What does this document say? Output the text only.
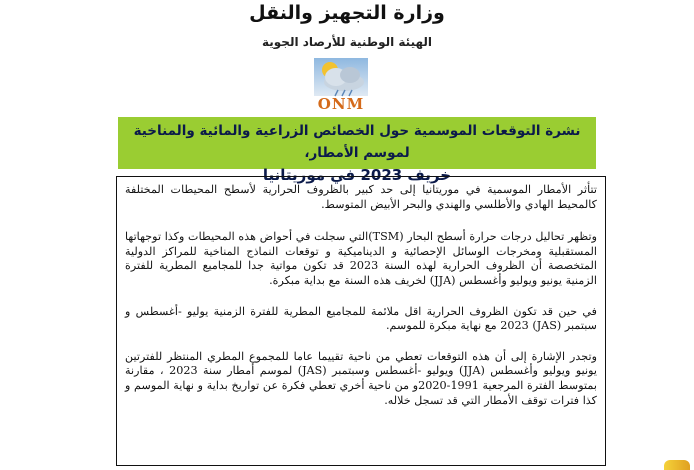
وزارة التجهيز والنقل
الهيئة الوطنية للأرصاد الجوية
ONM
نشرة التوقعات الموسمية حول الخصائص الزراعية والمائية والمناخية لموسم الأمطار،
خريف 2023 في موريتانيا

تتأثر الأمطار الموسمية في موريتانيا إلى حد كبير بالظروف الحرارية لأسطح المحيطات المختلفة كالمحيط الهادي والأطلسي والهندي والبحر الأبيض المتوسط.

وتظهر تحاليل درجات حرارة أسطح البحار (TSM)التي سجلت في أحواض هذه المحيطات وكذا توجهاتها المستقبلية ومخرجات الوسائل الإحصائية و الديناميكية و توقعات النماذج المناخية للمراكز الدولية المتخصصة أن الظروف الحرارية لهذه السنة 2023 قد تكون مواتية جدا للمجاميع المطرية للفترة الزمنية يونيو ويوليو وأغسطس (JJA) لخريف هذه السنة مع بداية مبكرة.

في حين قد تكون الظروف الحرارية اقل ملائمة للمجاميع المطرية للفترة الزمنية يوليو -أغسطس و سبتمبر (JAS) 2023 مع نهاية مبكرة للموسم.

وتجدر الإشارة إلى أن هذه التوقعات تعطي من ناحية تقييما عاما للمجموع المطري المنتظر للفترتين يونيو ويوليو وأغسطس (JJA) ويوليو -أغسطس وسبتمبر (JAS) لموسم أمطار سنة 2023 ، مقارنة بمتوسط الفترة المرجعية 1991-2020و من ناحية أخري تعطي فكرة عن تواريخ بداية و نهاية الموسم و كذا فترات توقف الأمطار التي قد تسجل خلاله.
